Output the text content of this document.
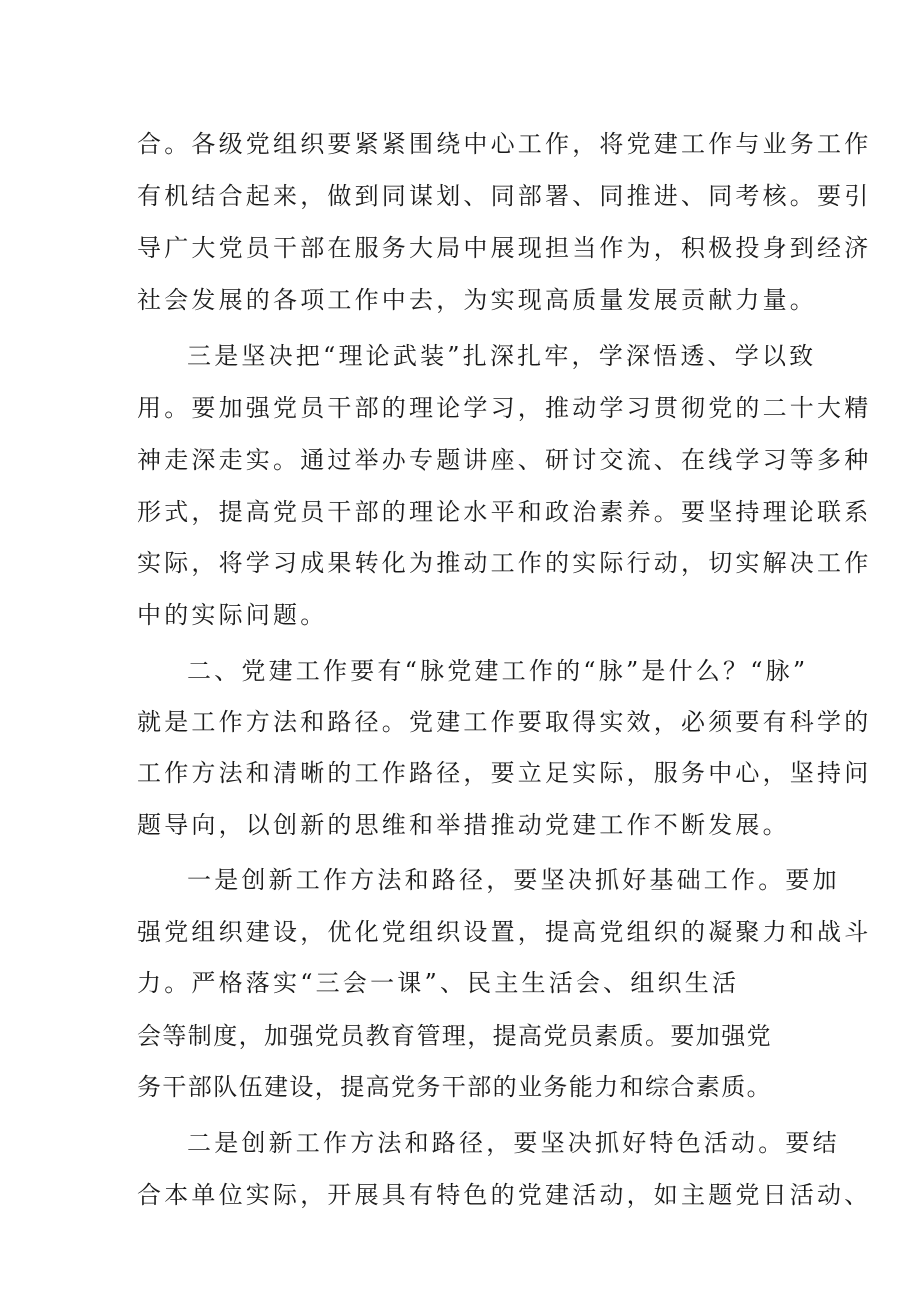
合。各级党组织要紧紧围绕中心工作，将党建工作与业务工作
有机结合起来，做到同谋划、同部署、同推进、同考核。要引
导广大党员干部在服务大局中展现担当作为，积极投身到经济
社会发展的各项工作中去，为实现高质量发展贡献力量。
三是坚决把“理论武装”扎深扎牢，学深悟透、学以致
用。要加强党员干部的理论学习，推动学习贯彻党的二十大精
神走深走实。通过举办专题讲座、研讨交流、在线学习等多种
形式，提高党员干部的理论水平和政治素养。要坚持理论联系
实际，将学习成果转化为推动工作的实际行动，切实解决工作
中的实际问题。
二、党建工作要有“脉党建工作的“脉”是什么？“脉”
就是工作方法和路径。党建工作要取得实效，必须要有科学的
工作方法和清晰的工作路径，要立足实际，服务中心，坚持问
题导向，以创新的思维和举措推动党建工作不断发展。
一是创新工作方法和路径，要坚决抓好基础工作。要加
强党组织建设，优化党组织设置，提高党组织的凝聚力和战斗
力。严格落实“三会一课”、民主生活会、组织生活
会等制度，加强党员教育管理，提高党员素质。要加强党
务干部队伍建设，提高党务干部的业务能力和综合素质。
二是创新工作方法和路径，要坚决抓好特色活动。要结
合本单位实际，开展具有特色的党建活动，如主题党日活动、
